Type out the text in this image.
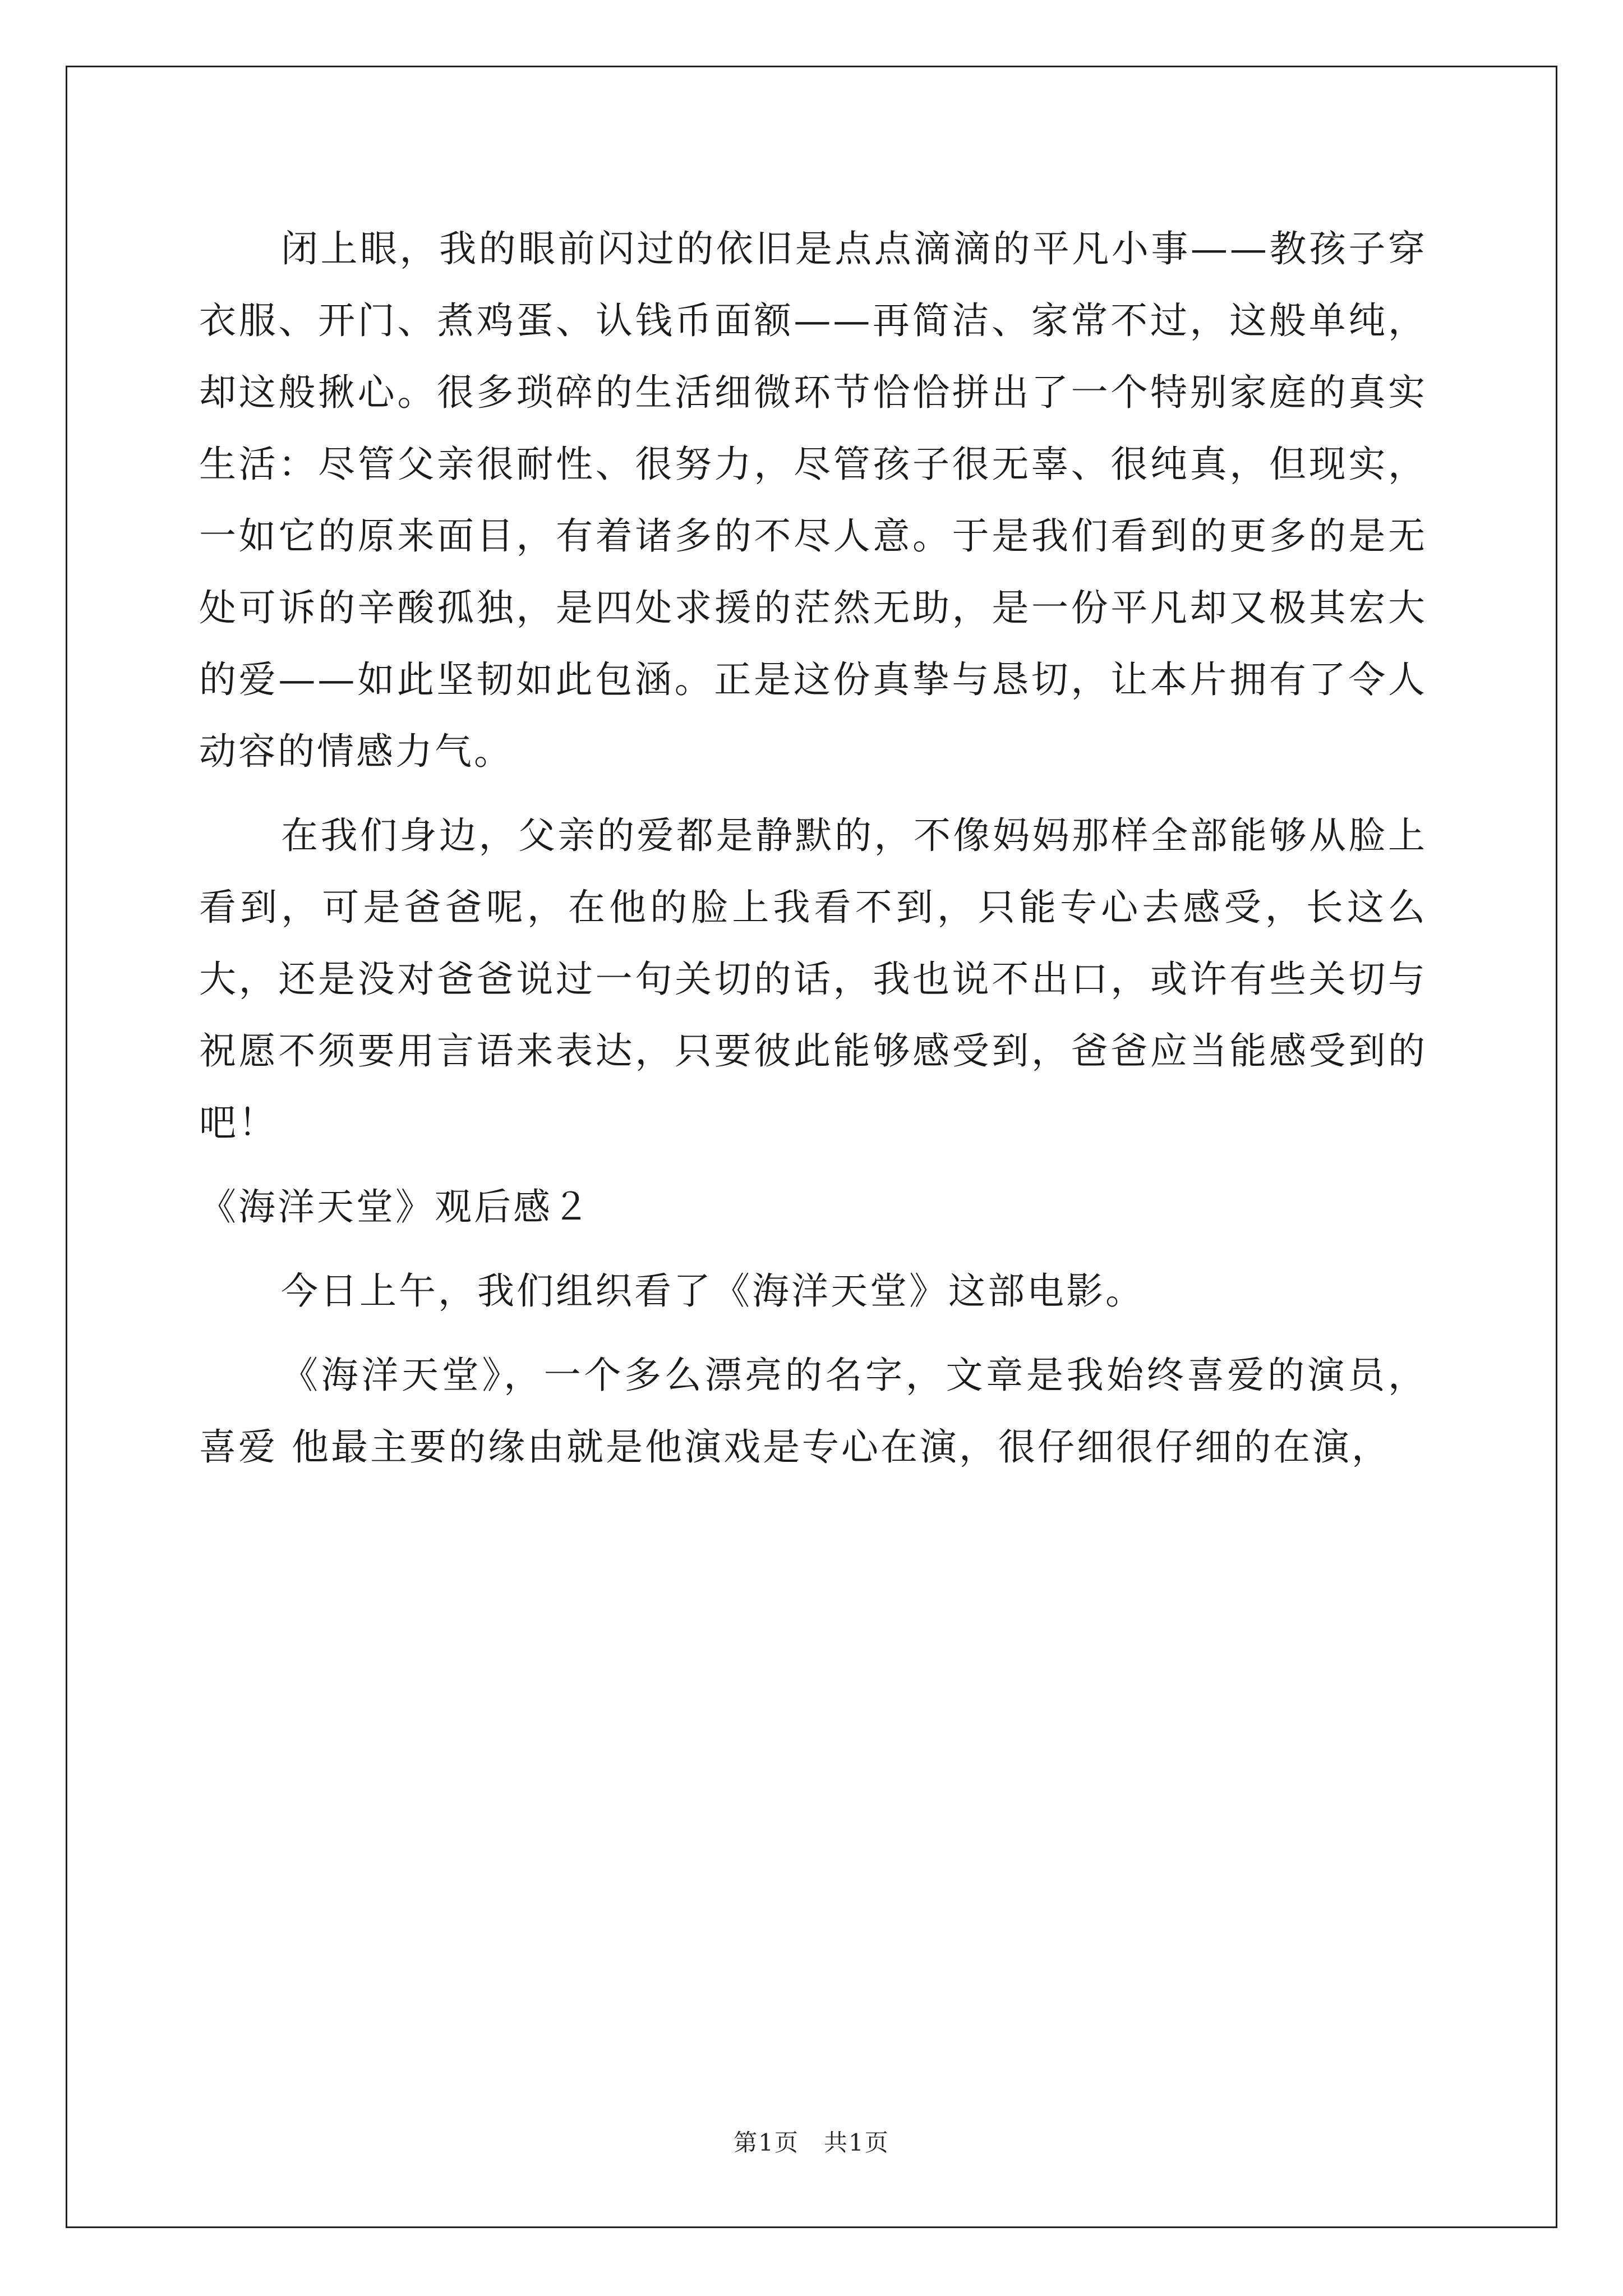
闭上眼，我的眼前闪过的依旧是点点滴滴的平凡小事——教孩子穿衣服、开门、煮鸡蛋、认钱币面额——再简洁、家常不过，这般单纯，却这般揪心。很多琐碎的生活细微环节恰恰拼出了一个特别家庭的真实生活：尽管父亲很耐性、很努力，尽管孩子很无辜、很纯真，但现实，一如它的原来面目，有着诸多的不尽人意。于是我们看到的更多的是无处可诉的辛酸孤独，是四处求援的茫然无助，是一份平凡却又极其宏大的爱——如此坚韧如此包涵。正是这份真挚与恳切，让本片拥有了令人动容的情感力气。

在我们身边，父亲的爱都是静默的，不像妈妈那样全部能够从脸上看到，可是爸爸呢，在他的脸上我看不到，只能专心去感受，长这么大，还是没对爸爸说过一句关切的话，我也说不出口，或许有些关切与祝愿不须要用言语来表达，只要彼此能够感受到，爸爸应当能感受到的吧！

《海洋天堂》观后感２

今日上午，我们组织看了《海洋天堂》这部电影。

《海洋天堂》，一个多么漂亮的名字，文章是我始终喜爱的演员，喜爱 他最主要的缘由就是他演戏是专心在演，很仔细很仔细的在演，

第1页　共1页
